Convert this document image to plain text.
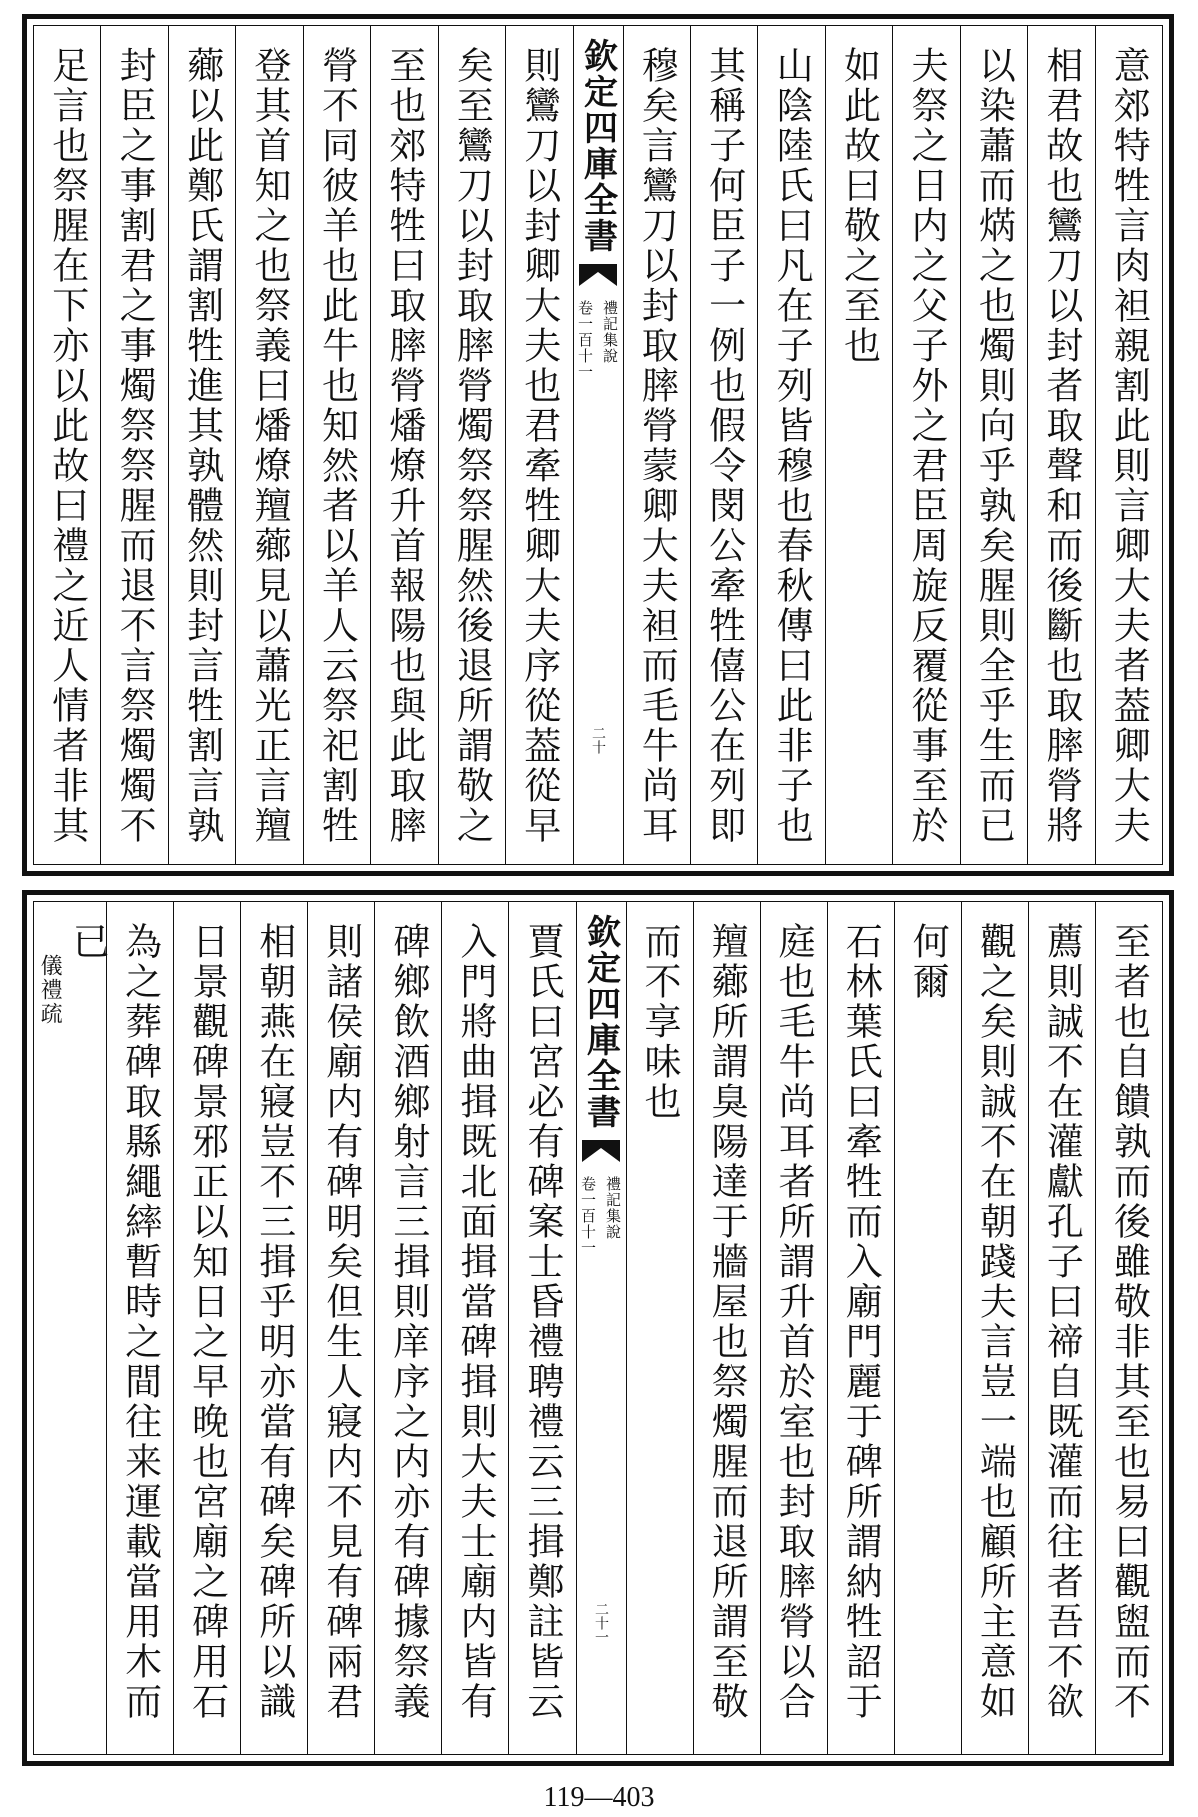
意郊特牲言肉袒親割此則言卿大夫者葢卿大夫
相君故也鸞刀以封者取聲和而後斷也取膟膋將
以染蕭而焫之也燭則向乎孰矣腥則全乎生而已
夫祭之日内之父子外之君臣周旋反覆從事至於
如此故曰敬之至也
山陰陸氏曰凡在子列皆穆也春秋傳曰此非子也
其稱子何臣子一例也假令閔公牽牲僖公在列即
穆矣言鸞刀以封取膟膋蒙卿大夫袒而毛牛尚耳
欽定四庫全書
禮記集說
卷一百十一
二十
則鸞刀以封卿大夫也君牽牲卿大夫序從葢從早
矣至鸞刀以封取膟膋燭祭祭腥然後退所謂敬之
至也郊特牲曰取膟膋燔燎升首報陽也與此取膟
膋不同彼羊也此牛也知然者以羊人云祭祀割牲
登其首知之也祭義曰燔燎羶薌見以蕭光正言羶
薌以此鄭氏謂割牲進其孰體然則封言牲割言孰
封臣之事割君之事燭祭祭腥而退不言祭燭燭不
足言也祭腥在下亦以此故曰禮之近人情者非其
至者也自饋孰而後雖敬非其至也易曰觀盥而不
薦則誠不在灌獻孔子曰禘自既灌而往者吾不欲
觀之矣則誠不在朝踐夫言豈一端也顧所主意如
何爾
石林葉氏曰牽牲而入廟門麗于碑所謂納牲詔于
庭也毛牛尚耳者所謂升首於室也封取膟膋以合
羶薌所謂臭陽達于牆屋也祭燭腥而退所謂至敬
而不享味也
欽定四庫全書
禮記集說
卷一百十一
二十一
賈氏曰宮必有碑案士昏禮聘禮云三揖鄭註皆云
入門將曲揖既北面揖當碑揖則大夫士廟内皆有
碑鄉飲酒鄉射言三揖則庠序之内亦有碑據祭義
則諸侯廟内有碑明矣但生人寢内不見有碑兩君
相朝燕在寢豈不三揖乎明亦當有碑矣碑所以識
日景觀碑景邪正以知日之早晚也宮廟之碑用石
為之葬碑取縣繩繂暫時之間往来運載當用木而
已
儀禮疏
119—403
